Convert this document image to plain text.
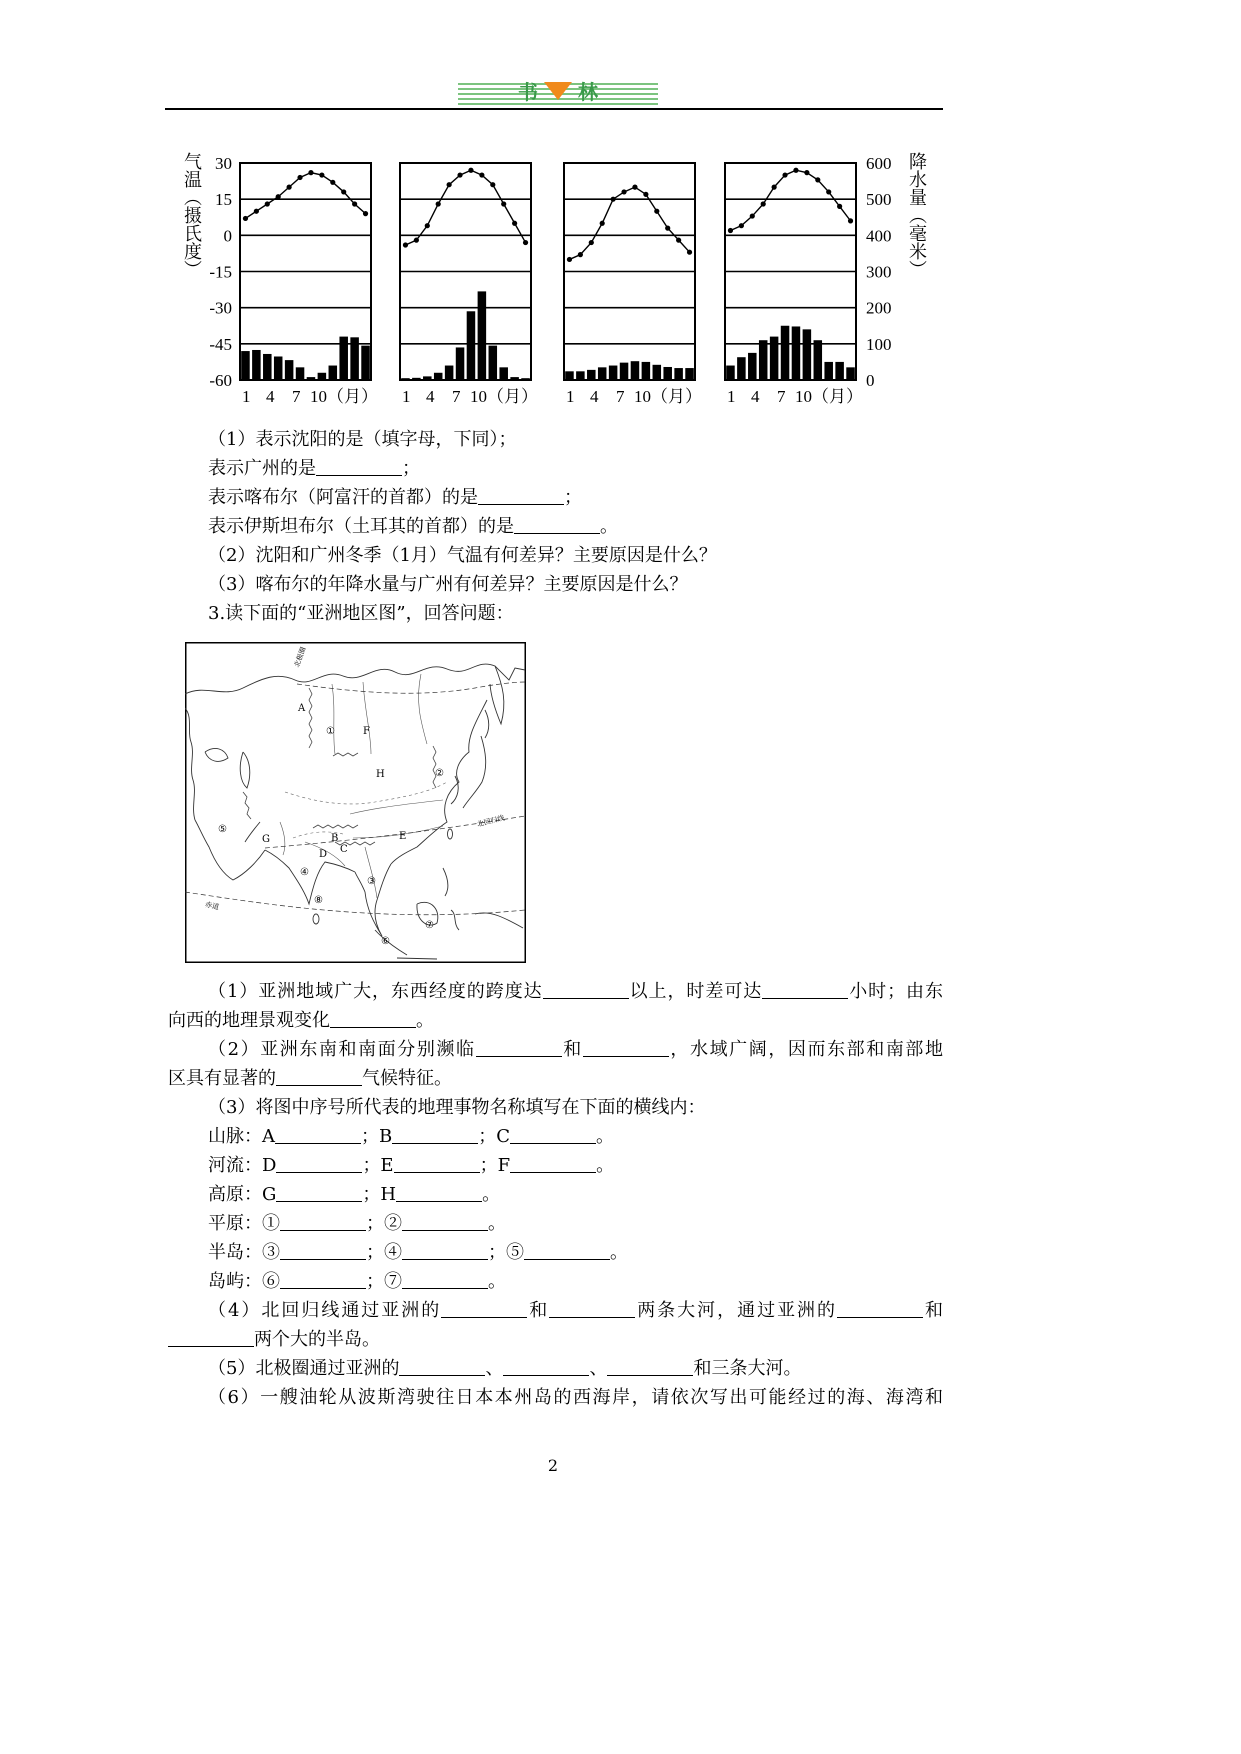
书林
1 4 7 10（月）
30
15
0
-15
-30
-45
-60
1 4 7 10（月） 1 4 7 10（月） 1 4 7 10（月）
600
500
400
300
200
100
0
气温（摄氏度）	降水量（毫米）
（1）表示沈阳的是（填字母，下同）；
表示广州的是	；
表示喀布尔（阿富汗的首都）的是	；
表示伊斯坦布尔（土耳其的首都）的是	。
（2）沈阳和广州冬季（1月）气温有何差异？主要原因是什么？
（3）喀布尔的年降水量与广州有何差异？主要原因是什么？
3.读下面的“亚洲地区图”，回答问题：
（1）亚洲地域广大，东西经度的跨度达	以上，时差可达	小时；由东
向西的地理景观变化	。
（2）亚洲东南和南面分别濒临	和	，水域广阔，因而东部和南部地
区具有显著的	气候特征。
（3）将图中序号所代表的地理事物名称填写在下面的横线内：
山脉：A	；B	；C	。
河流：D	；E	；F	。
高原：G	；H	。
平原：①	；②	。
半岛：③	；④	；⑤	。
岛屿：⑥	；⑦	。
（4）北回归线通过亚洲的	和	两条大河，通过亚洲的	和
两个大的半岛。
（5）北极圈通过亚洲的	、	、	和三条大河。
（6）一艘油轮从波斯湾驶往日本本州岛的西海岸，请依次写出可能经过的海、海湾和
北极圈
北回归线
赤道
A
①	F
H	②
⑤
G	B
C
D
E
④
③
⑧
⑦
⑥
2
